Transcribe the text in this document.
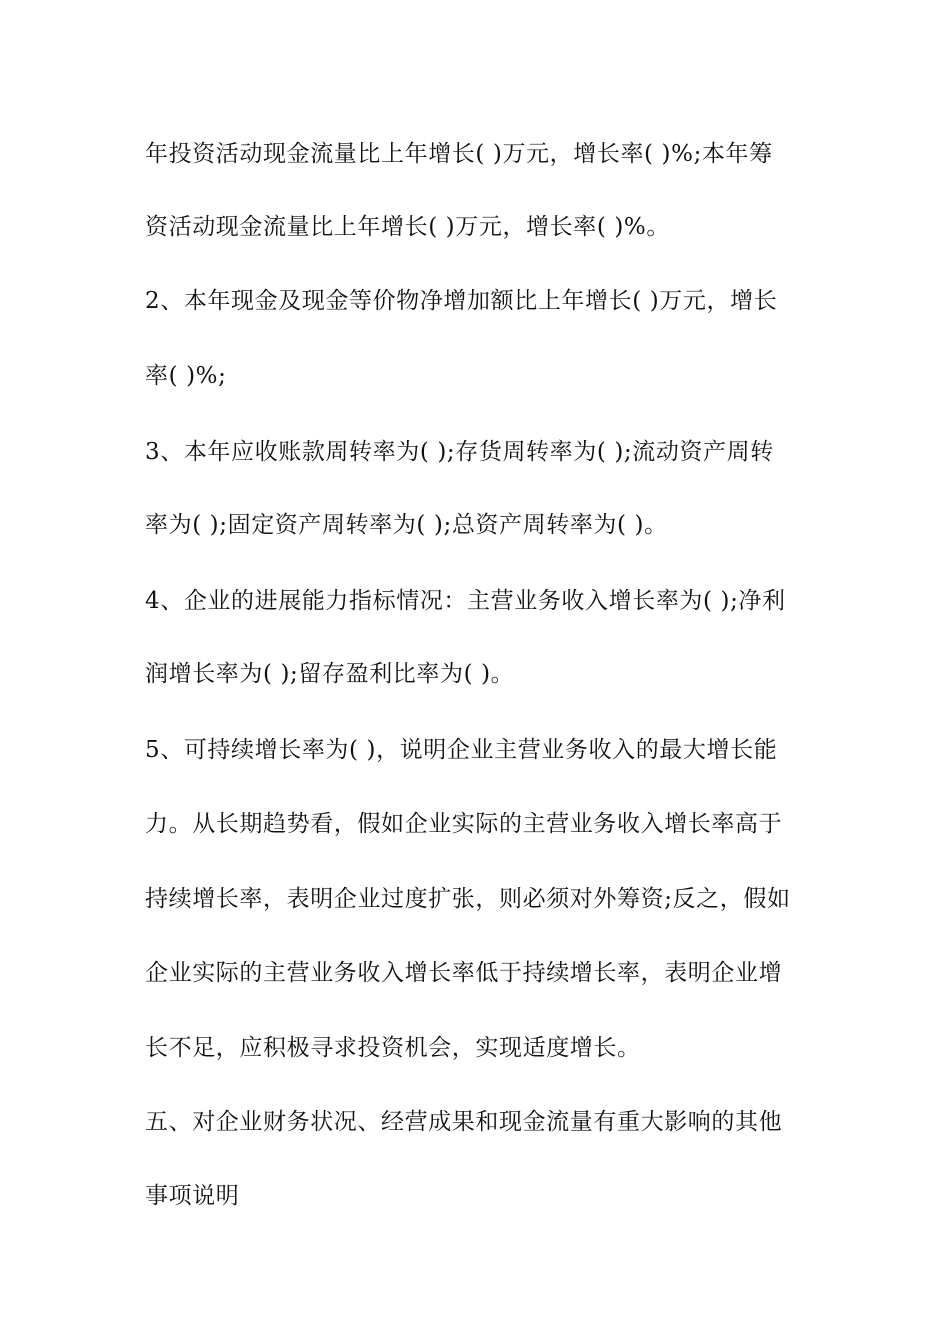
年投资活动现金流量比上年增长( )万元，增长率( )%;本年筹
资活动现金流量比上年增长( )万元，增长率( )%。
2、本年现金及现金等价物净增加额比上年增长( )万元，增长
率( )%;
3、本年应收账款周转率为( );存货周转率为( );流动资产周转
率为( );固定资产周转率为( );总资产周转率为( )。
4、企业的进展能力指标情况：主营业务收入增长率为( );净利
润增长率为( );留存盈利比率为( )。
5、可持续增长率为( )，说明企业主营业务收入的最大增长能
力。从长期趋势看，假如企业实际的主营业务收入增长率高于
持续增长率，表明企业过度扩张，则必须对外筹资;反之，假如
企业实际的主营业务收入增长率低于持续增长率，表明企业增
长不足，应积极寻求投资机会，实现适度增长。
五、对企业财务状况、经营成果和现金流量有重大影响的其他
事项说明
